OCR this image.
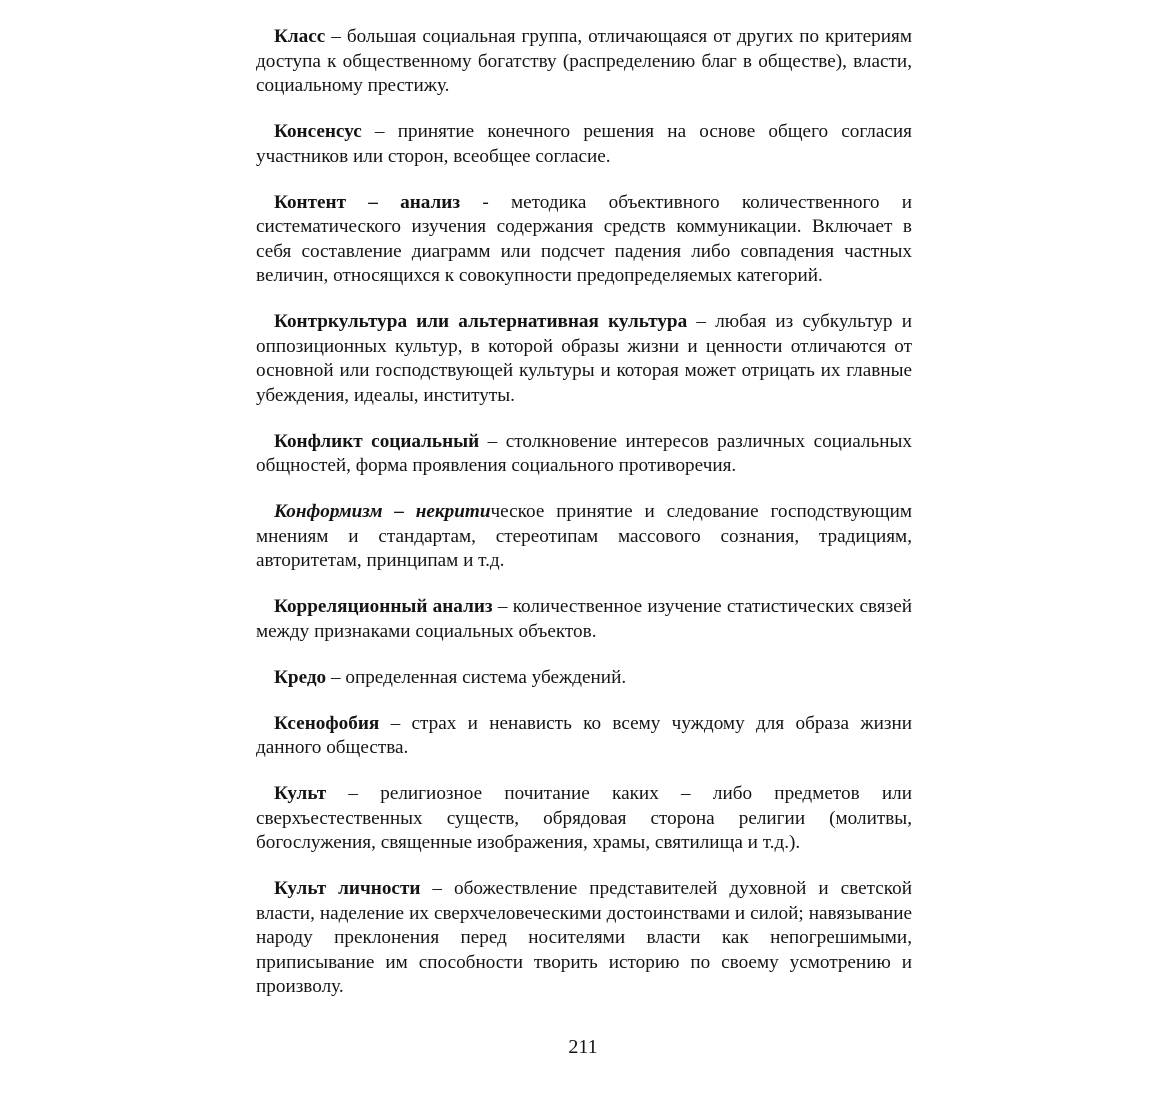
Класс – большая социальная группа, отличающаяся от других по критериям доступа к общественному богатству (распределению благ в обществе), власти, социальному престижу.

Консенсус – принятие конечного решения на основе общего согласия участников или сторон, всеобщее согласие.

Контент – анализ - методика объективного количественного и систематического изучения содержания средств коммуникации. Включает в себя составление диаграмм или подсчет падения либо совпадения частных величин, относящихся к совокупности предопределяемых категорий.

Контркультура или альтернативная культура – любая из субкультур и оппозиционных культур, в которой образы жизни и ценности отличаются от основной или господствующей культуры и которая может отрицать их главные убеждения, идеалы, институты.

Конфликт социальный – столкновение интересов различных социальных общностей, форма проявления социального противоречия.

Конформизм – некритическое принятие и следование господствующим мнениям и стандартам, стереотипам массового сознания, традициям, авторитетам, принципам и т.д.

Корреляционный анализ – количественное изучение статистических связей между признаками социальных объектов.

Кредо – определенная система убеждений.

Ксенофобия – страх и ненависть ко всему чуждому для образа жизни данного общества.

Культ – религиозное почитание каких – либо предметов или сверхъестественных существ, обрядовая сторона религии (молитвы, богослужения, священные изображения, храмы, святилища и т.д.).

Культ личности – обожествление представителей духовной и светской власти, наделение их сверхчеловеческими достоинствами и силой; навязывание народу преклонения перед носителями власти как непогрешимыми, приписывание им способности творить историю по своему усмотрению и произволу.

211
